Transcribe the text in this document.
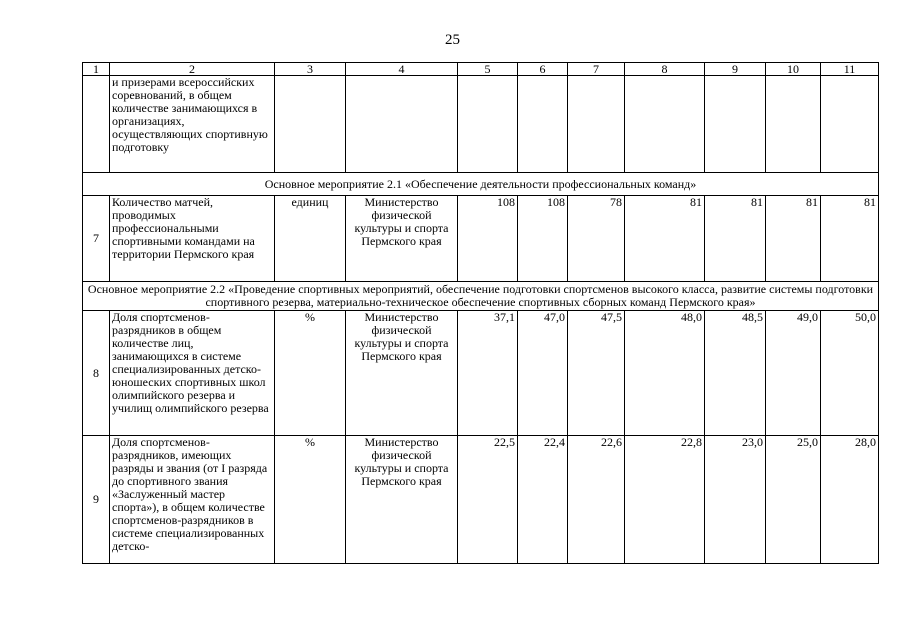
25
1	2	3	4	5	6	7	8	9	10	11
	и призерами всероссийских соревнований, в общем количестве занимающихся в организациях, осуществляющих спортивную подготовку									
Основное мероприятие 2.1 «Обеспечение деятельности профессиональных команд»										
7	Количество матчей, проводимых профессиональными спортивными командами на территории Пермского края	единиц	Министерство физической культуры и спорта Пермского края	108	108	78	81	81	81	81
Основное мероприятие 2.2 «Проведение спортивных мероприятий, обеспечение подготовки спортсменов высокого класса, развитие системы подготовки спортивного резерва, материально-техническое обеспечение спортивных сборных команд Пермского края»										
8	Доля спортсменов-разрядников в общем количестве лиц, занимающихся в системе специализированных детско-юношеских спортивных школ олимпийского резерва и училищ олимпийского резерва	%	Министерство физической культуры и спорта Пермского края	37,1	47,0	47,5	48,0	48,5	49,0	50,0
9	Доля спортсменов-разрядников, имеющих разряды и звания (от I разряда до спортивного звания «Заслуженный мастер спорта»), в общем количестве спортсменов-разрядников в системе специализированных детско-	%	Министерство физической культуры и спорта Пермского края	22,5	22,4	22,6	22,8	23,0	25,0	28,0
